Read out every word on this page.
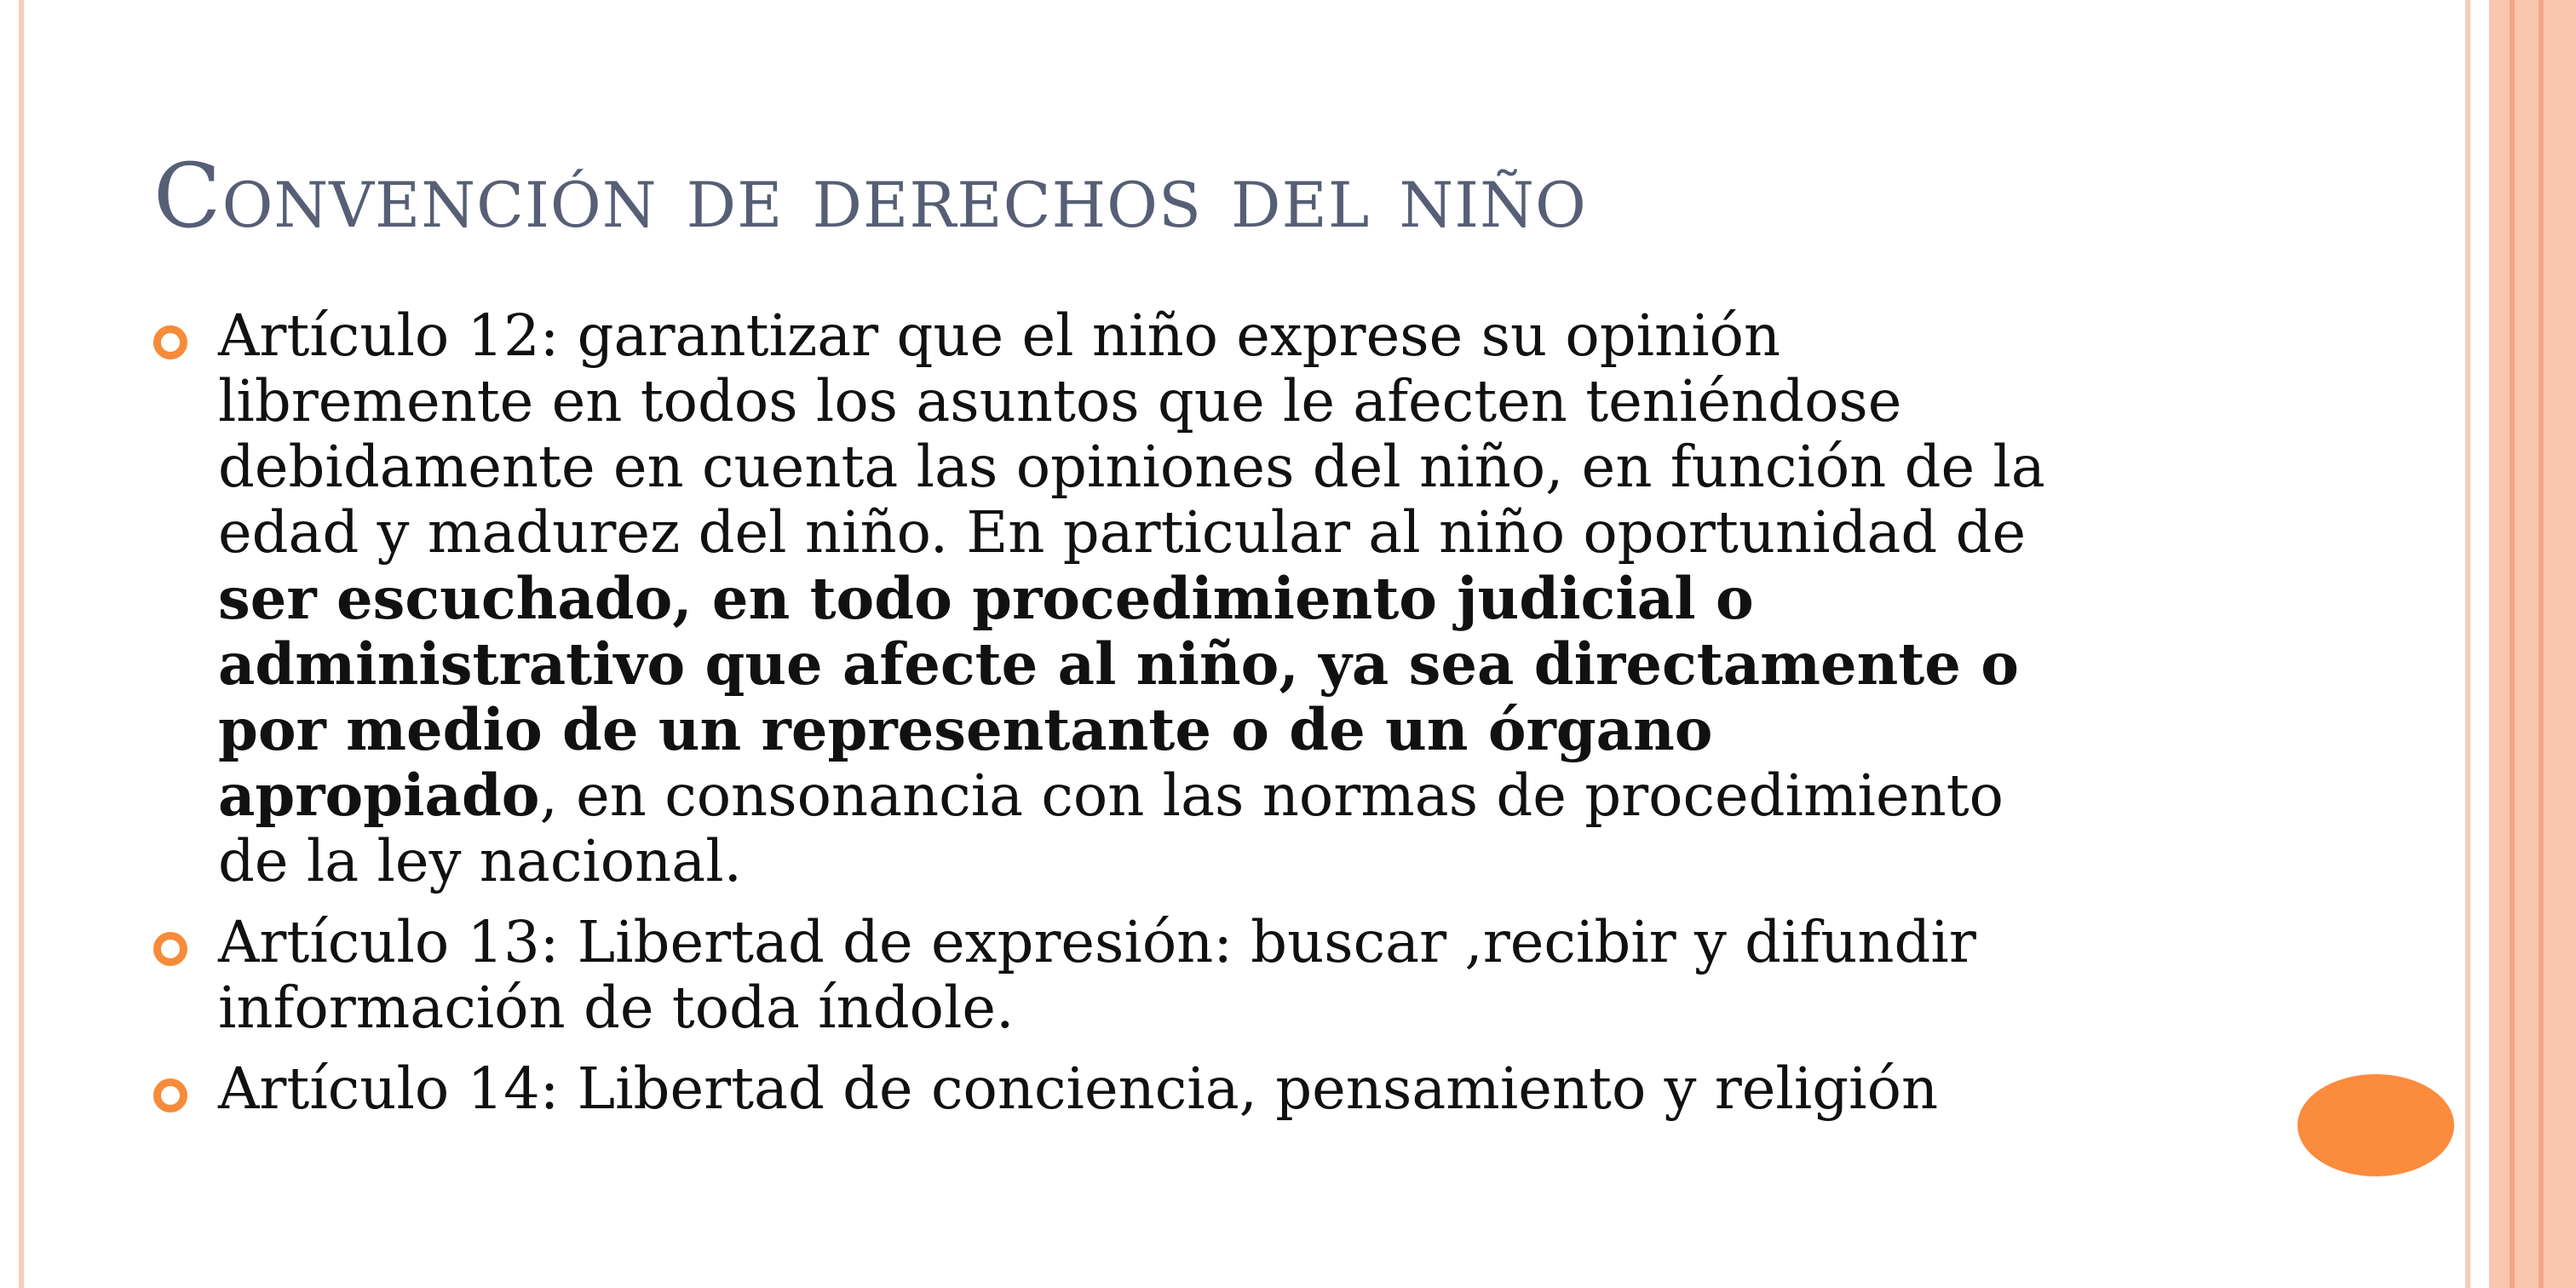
Convención de derechos del niño
Artículo 12: garantizar que el niño exprese su opinión
libremente en todos los asuntos que le afecten teniéndose
debidamente en cuenta las opiniones del niño, en función de la
edad y madurez del niño. En particular al niño oportunidad de
ser escuchado, en todo procedimiento judicial o
administrativo que afecte al niño, ya sea directamente o
por medio de un representante o de un órgano
apropiado, en consonancia con las normas de procedimiento
de la ley nacional.
Artículo 13: Libertad de expresión: buscar ,recibir y difundir
información de toda índole.
Artículo 14: Libertad de conciencia, pensamiento y religión
